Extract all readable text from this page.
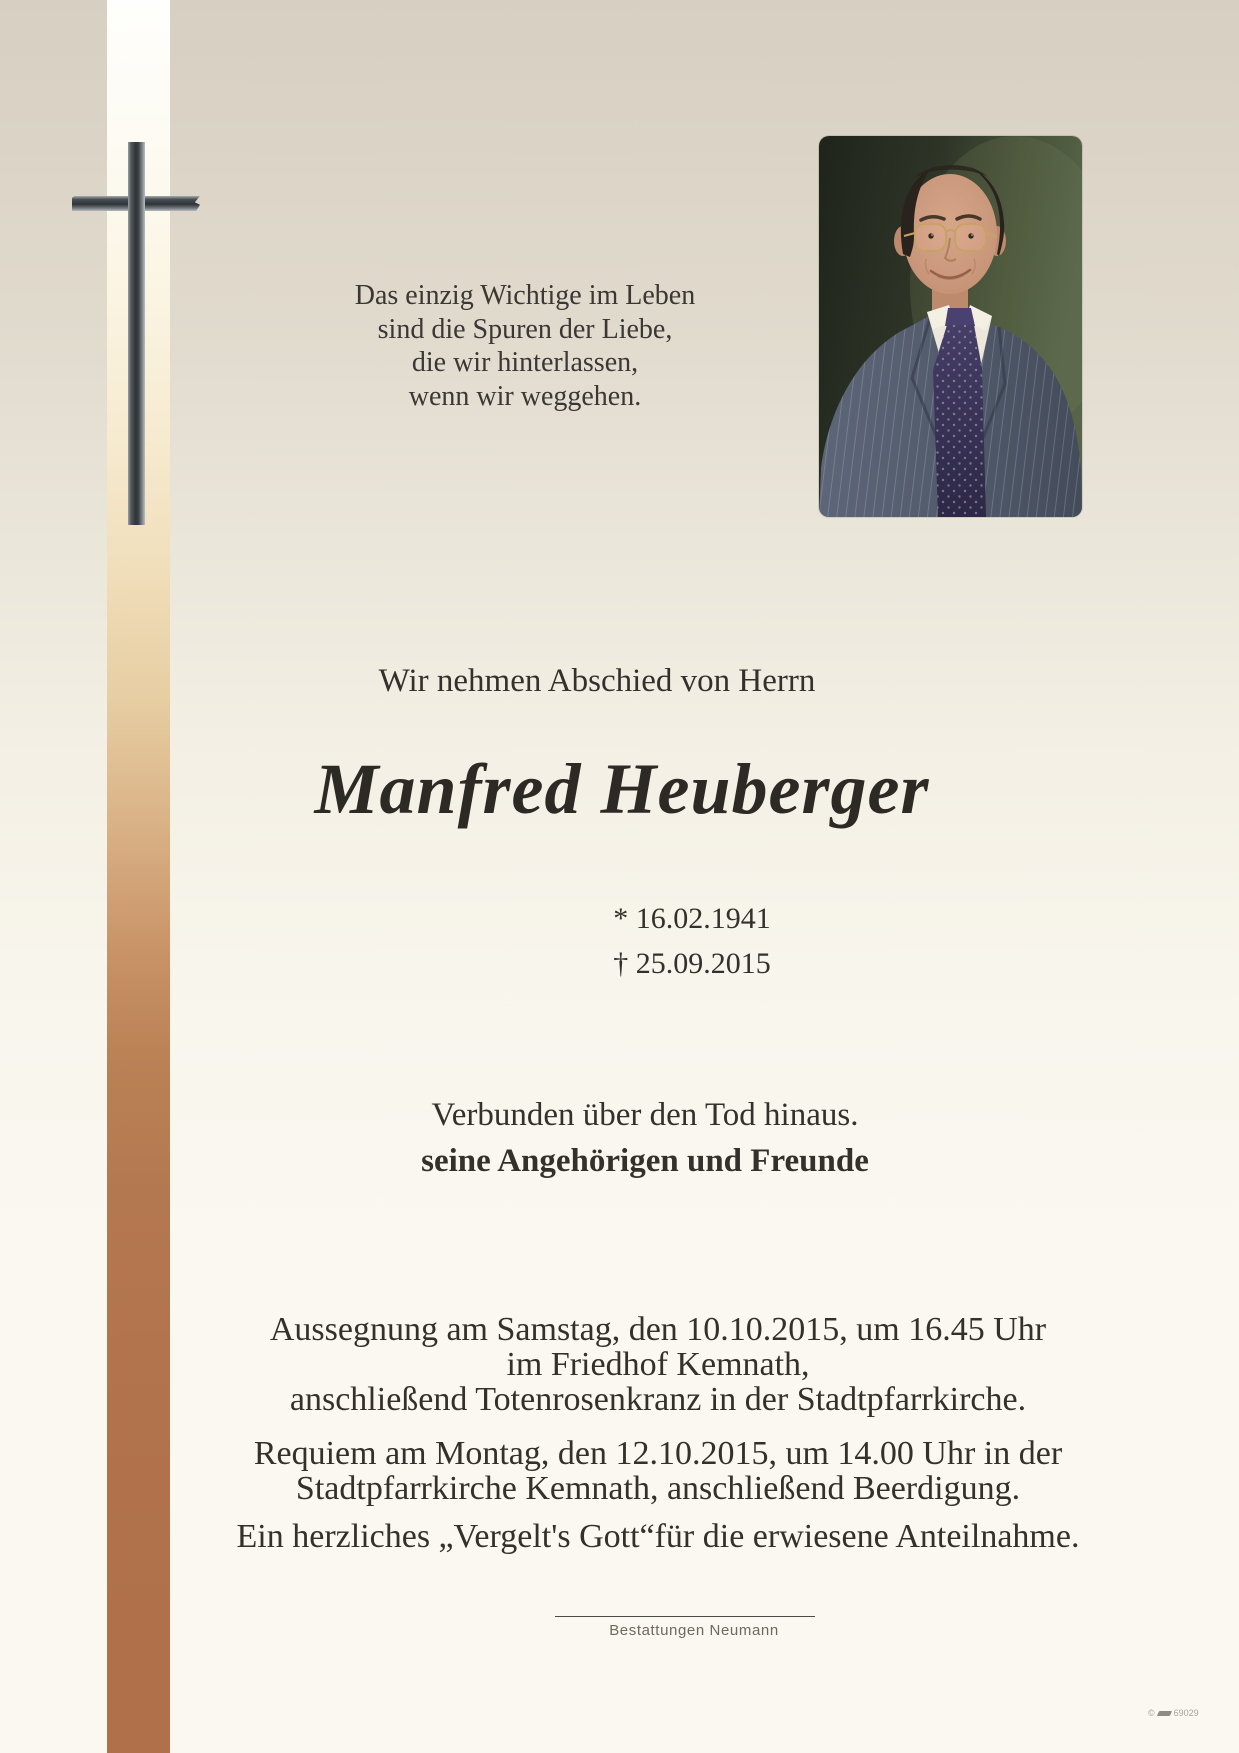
Das einzig Wichtige im Leben
sind die Spuren der Liebe,
die wir hinterlassen,
wenn wir weggehen.
Wir nehmen Abschied von Herrn
Manfred Heuberger
* 16.02.1941
† 25.09.2015
Verbunden über den Tod hinaus.
seine Angehörigen und Freunde
Aussegnung am Samstag, den 10.10.2015, um 16.45 Uhr
im Friedhof Kemnath,
anschließend Totenrosenkranz in der Stadtpfarrkirche.
Requiem am Montag, den 12.10.2015, um 14.00 Uhr in der
Stadtpfarrkirche Kemnath, anschließend Beerdigung.
Ein herzliches „Vergelt's Gott“für die erwiesene Anteilnahme.
Bestattungen Neumann
© 69029
